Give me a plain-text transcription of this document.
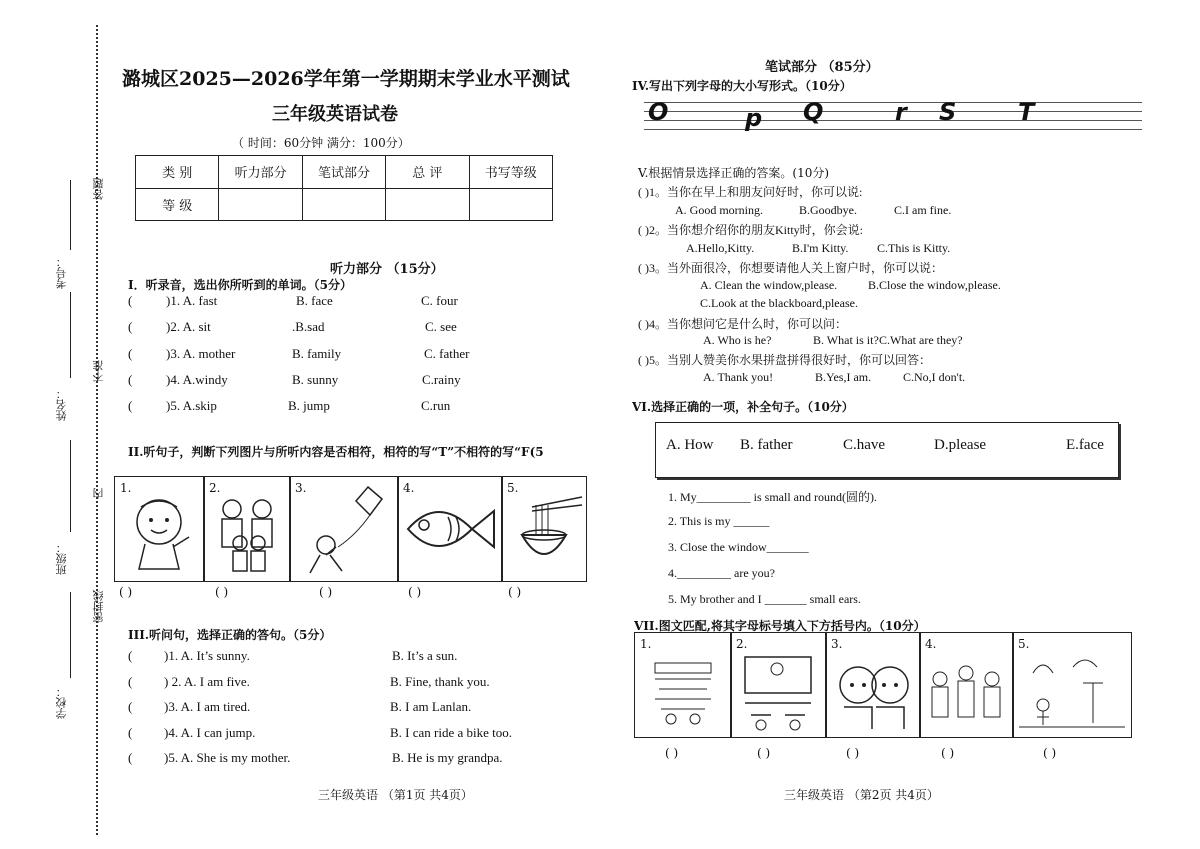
答题
不准
内
密封线
考号：
姓名：
班级：
学校：
潞城区2025—2026学年第一学期期末学业水平测试
三年级英语试卷
（ 时间：60分钟 满分：100分）
类 别	听力部分	笔试部分	总 评	书写等级
等 级				
听力部分 （15分）
I．听录音，选出你所听到的单词。（5分）
(	)1. A. fast	B. face	C. four
(	)2. A. sit	.B.sad	C. see
(	)3. A. mother	B. family	C. father
(	)4. A.windy	B. sunny	C.rainy
(	)5. A.skip	B. jump	C.run
II.听句子，判断下列图片与所听内容是否相符，相符的写“T”不相符的写“F(5
1.	2.	3.	4.	5.
( )	( )	( )	( )	( )
III.听问句，选择正确的答句。（5分）
( )1. A. It’s sunny.	B. It’s a sun.
( ) 2. A. I am five.	B. Fine, thank you.
( )3. A. I am tired.	B. I am Lanlan.
( )4. A. I can jump.	B. I can ride a bike too.
( )5. A. She is my mother.	B. He is my grandpa.
三年级英语 （第1页 共4页）
笔试部分 （85分）
IV.写出下列字母的大小写形式。（10分）
O	p Q	r S	T
V.根据情景选择正确的答案。(10分)
( )1。当你在早上和朋友问好时，你可以说:
A. Good morning.	B.Goodbye.	C.I am fine.
( )2。当你想介绍你的朋友Kitty时，你会说:
A.Hello,Kitty.	B.I'm Kitty. C.This is Kitty.
( )3。当外面很冷，你想要请他人关上窗户时，你可以说：
A. Clean the window,please.	B.Close the window,please.
C.Look at the blackboard,please.
( )4。当你想问它是什么时，你可以问：
A. Who is he?	B. What is it? C.What are they?
( )5。当别人赞美你水果拼盘拼得很好时，你可以回答：
A. Thank you!	B.Yes,I am.	C.No,I don't.
VI.选择正确的一项，补全句子。（10分）
A. How B. father	C.have	D.please	E.face
1. My_________ is small and round(圆的).
2. This is my ______
3. Close the window_______
4._________ are you?
5. My brother and I _______ small ears.
VII.图文匹配,将其字母标号填入下方括号内。（10分）
1.	2.	3.	4.	5.
( )	( )	( )	( )	( )
三年级英语 （第2页 共4页）
